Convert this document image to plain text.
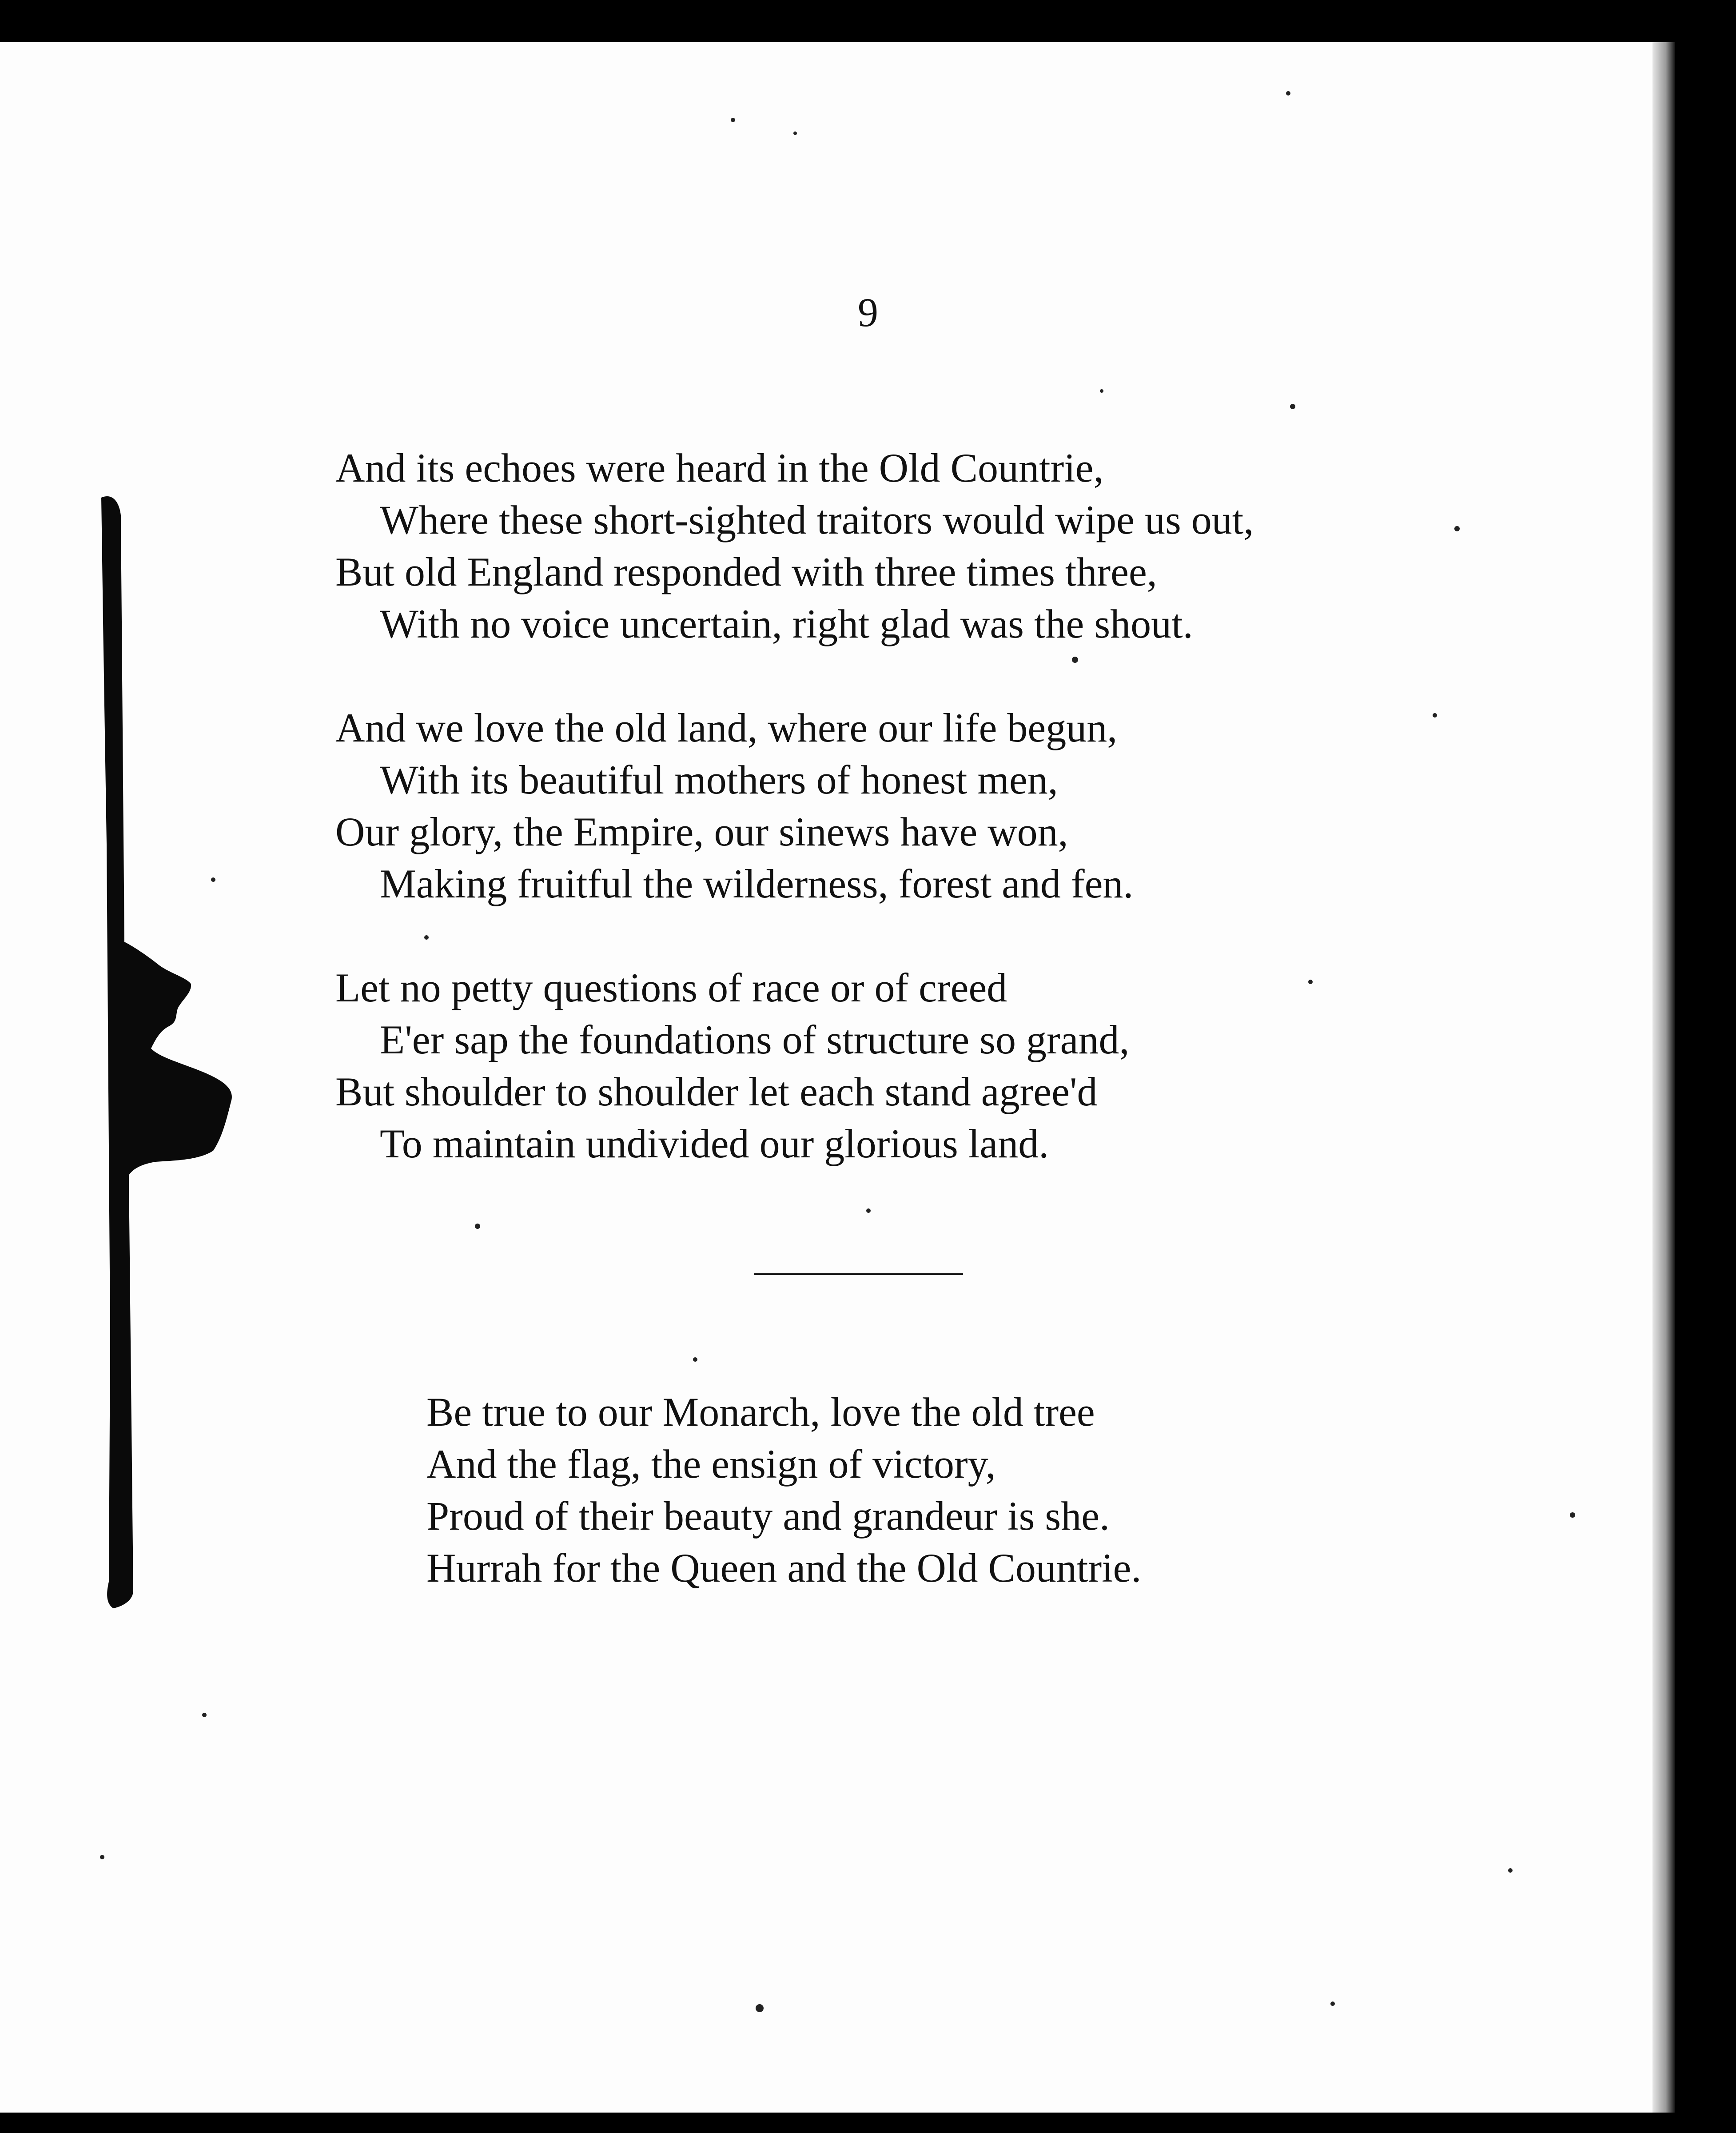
9

And its echoes were heard in the Old Countrie,
Where these short-sighted traitors would wipe us out,
But old England responded with three times three,
With no voice uncertain, right glad was the shout.
And we love the old land, where our life begun,
With its beautiful mothers of honest men,
Our glory, the Empire, our sinews have won,
Making fruitful the wilderness, forest and fen.
Let no petty questions of race or of creed
E'er sap the foundations of structure so grand,
But shoulder to shoulder let each stand agree'd
To maintain undivided our glorious land.
Be true to our Monarch, love the old tree
And the flag, the ensign of victory,
Proud of their beauty and grandeur is she.
Hurrah for the Queen and the Old Countrie.
